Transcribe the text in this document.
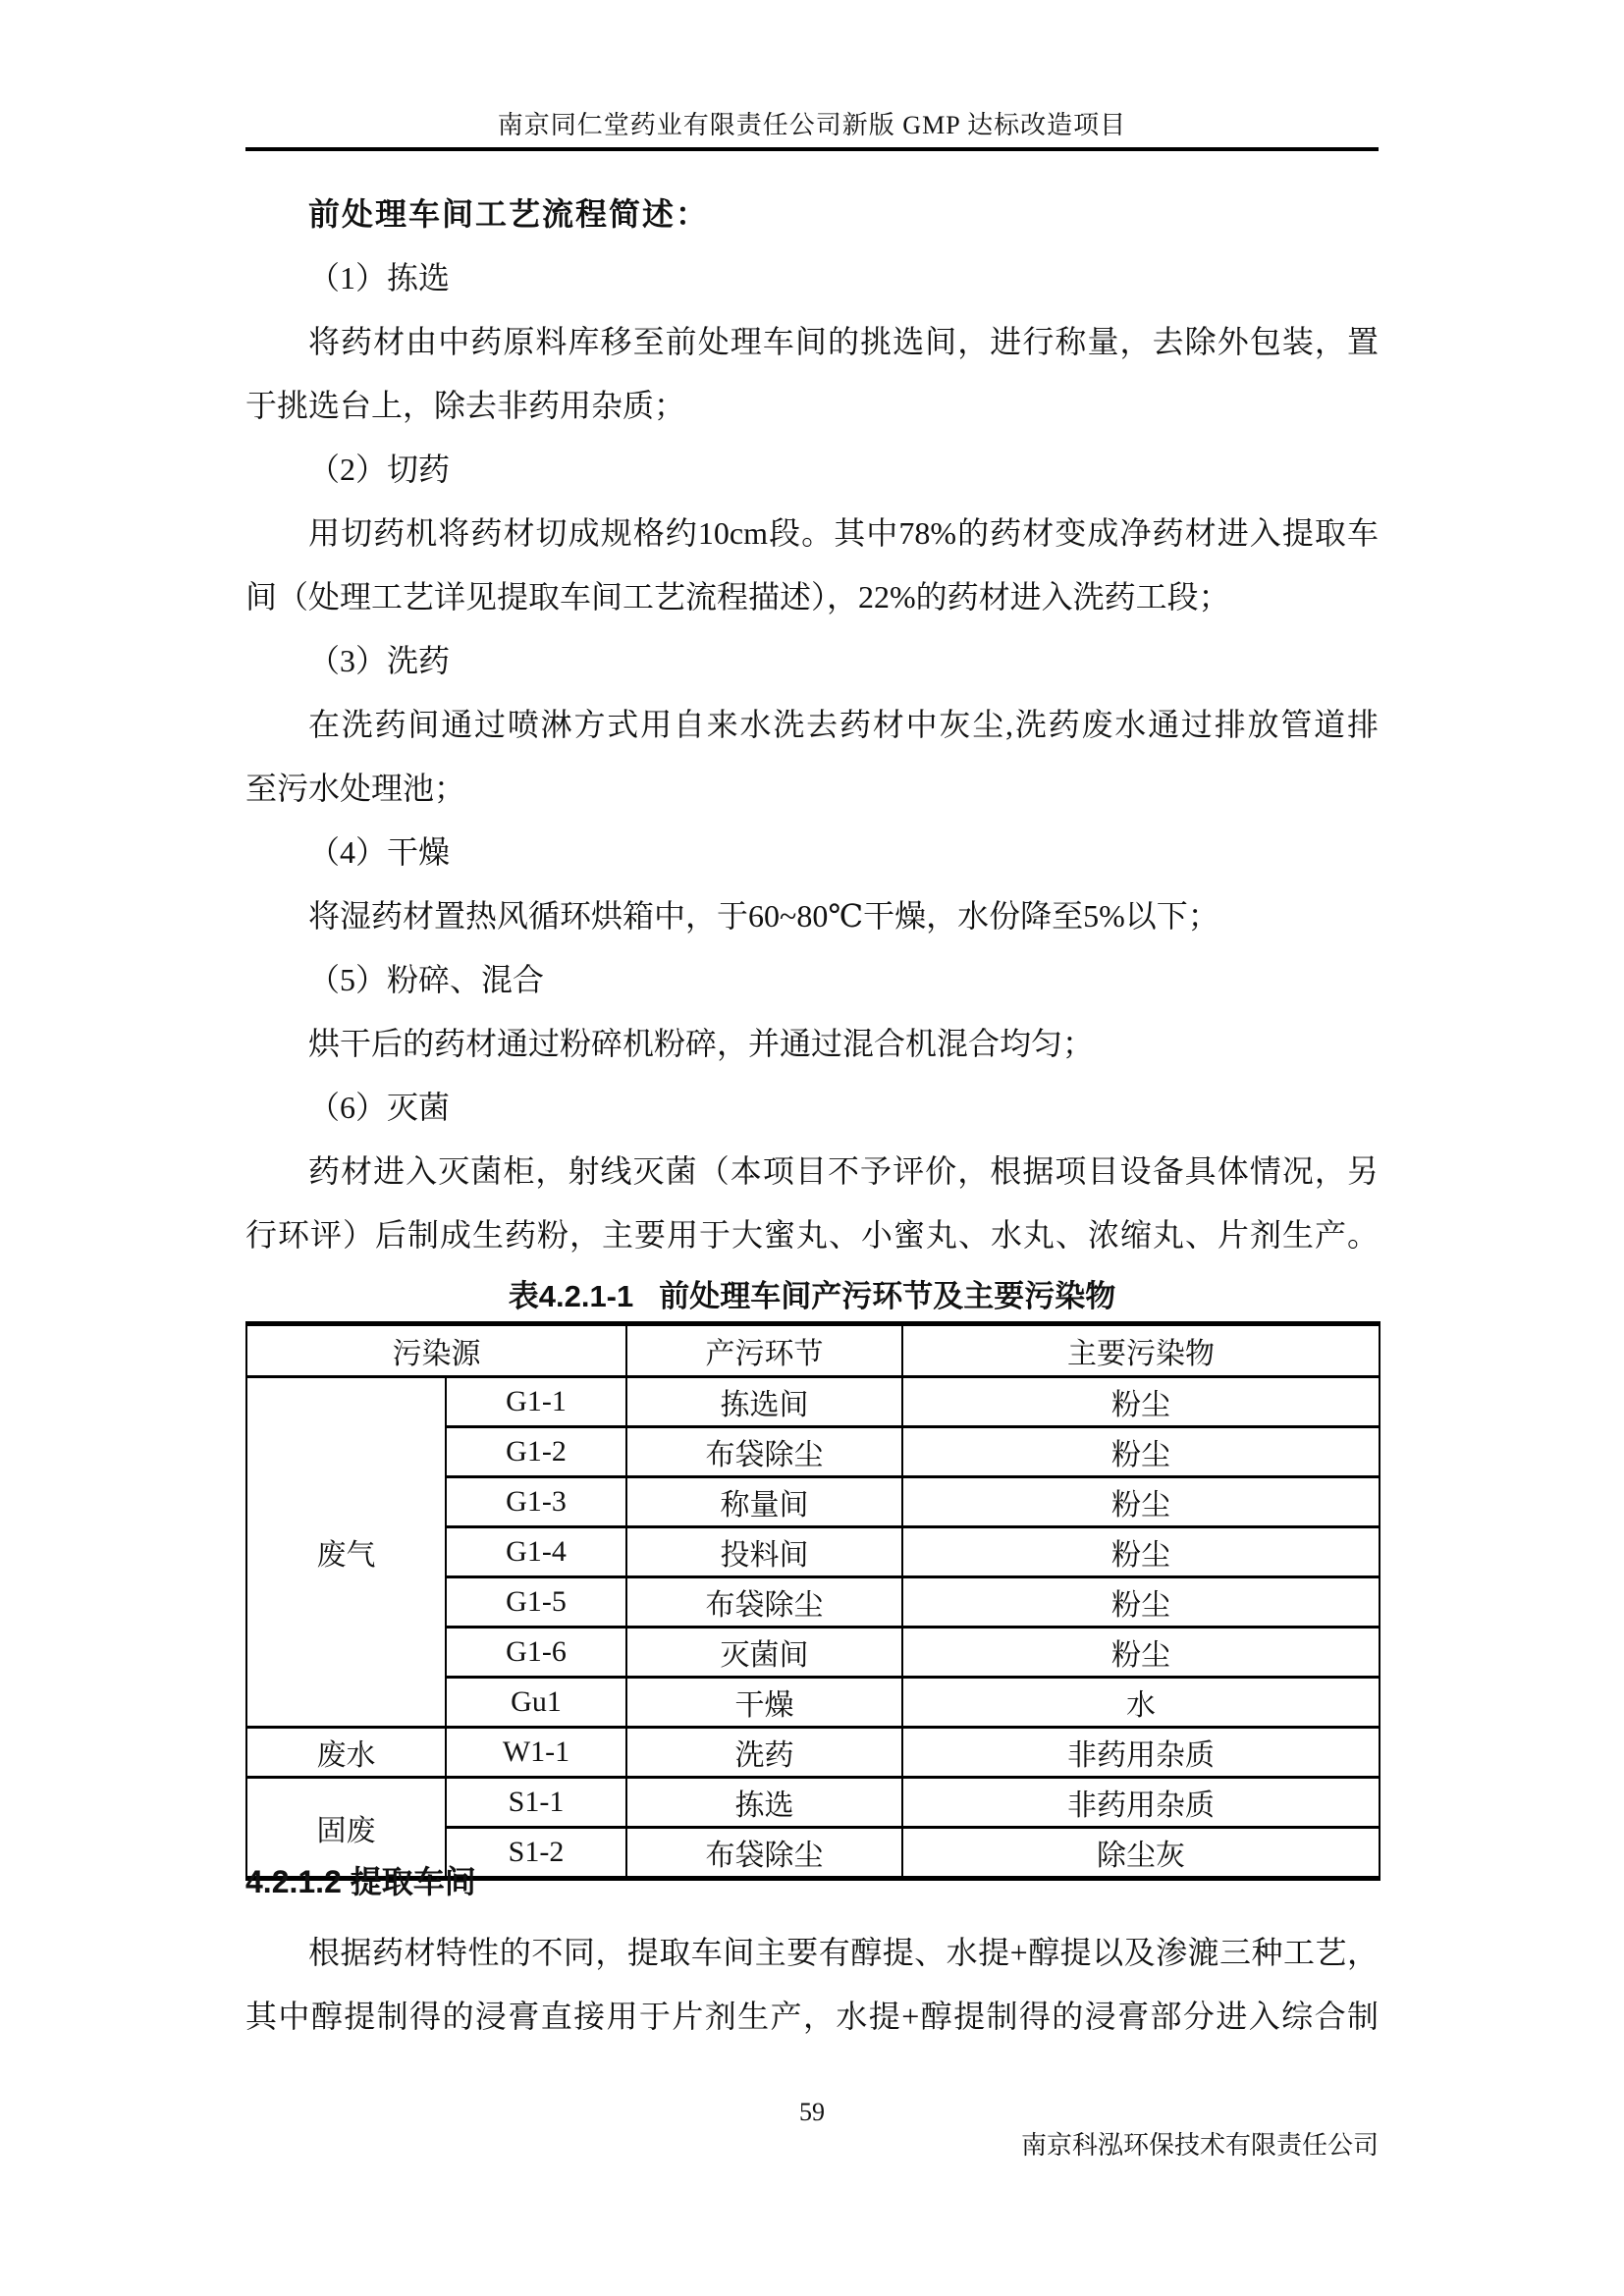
南京同仁堂药业有限责任公司新版 GMP 达标改造项目
前处理车间工艺流程简述：
（1）拣选
将药材由中药原料库移至前处理车间的挑选间，进行称量，去除外包装，置
于挑选台上，除去非药用杂质；
（2）切药
用切药机将药材切成规格约10cm段。其中78%的药材变成净药材进入提取车
间（处理工艺详见提取车间工艺流程描述），22%的药材进入洗药工段；
（3）洗药
在洗药间通过喷淋方式用自来水洗去药材中灰尘,洗药废水通过排放管道排
至污水处理池；
（4）干燥
将湿药材置热风循环烘箱中，于60~80℃干燥，水份降至5%以下；
（5）粉碎、混合
烘干后的药材通过粉碎机粉碎，并通过混合机混合均匀；
（6）灭菌
药材进入灭菌柜，射线灭菌（本项目不予评价，根据项目设备具体情况，另
行环评）后制成生药粉，主要用于大蜜丸、小蜜丸、水丸、浓缩丸、片剂生产。
表4.2.1-1 前处理车间产污环节及主要污染物
污染源		产污环节	主要污染物
废气	G1-1	拣选间	粉尘
	G1-2	布袋除尘	粉尘
	G1-3	称量间	粉尘
	G1-4	投料间	粉尘
	G1-5	布袋除尘	粉尘
	G1-6	灭菌间	粉尘
	Gu1	干燥	水
废水	W1-1	洗药	非药用杂质
固废	S1-1	拣选	非药用杂质
	S1-2	布袋除尘	除尘灰
4.2.1.2 提取车间
根据药材特性的不同，提取车间主要有醇提、水提+醇提以及渗漉三种工艺，
其中醇提制得的浸膏直接用于片剂生产，水提+醇提制得的浸膏部分进入综合制
59
南京科泓环保技术有限责任公司
